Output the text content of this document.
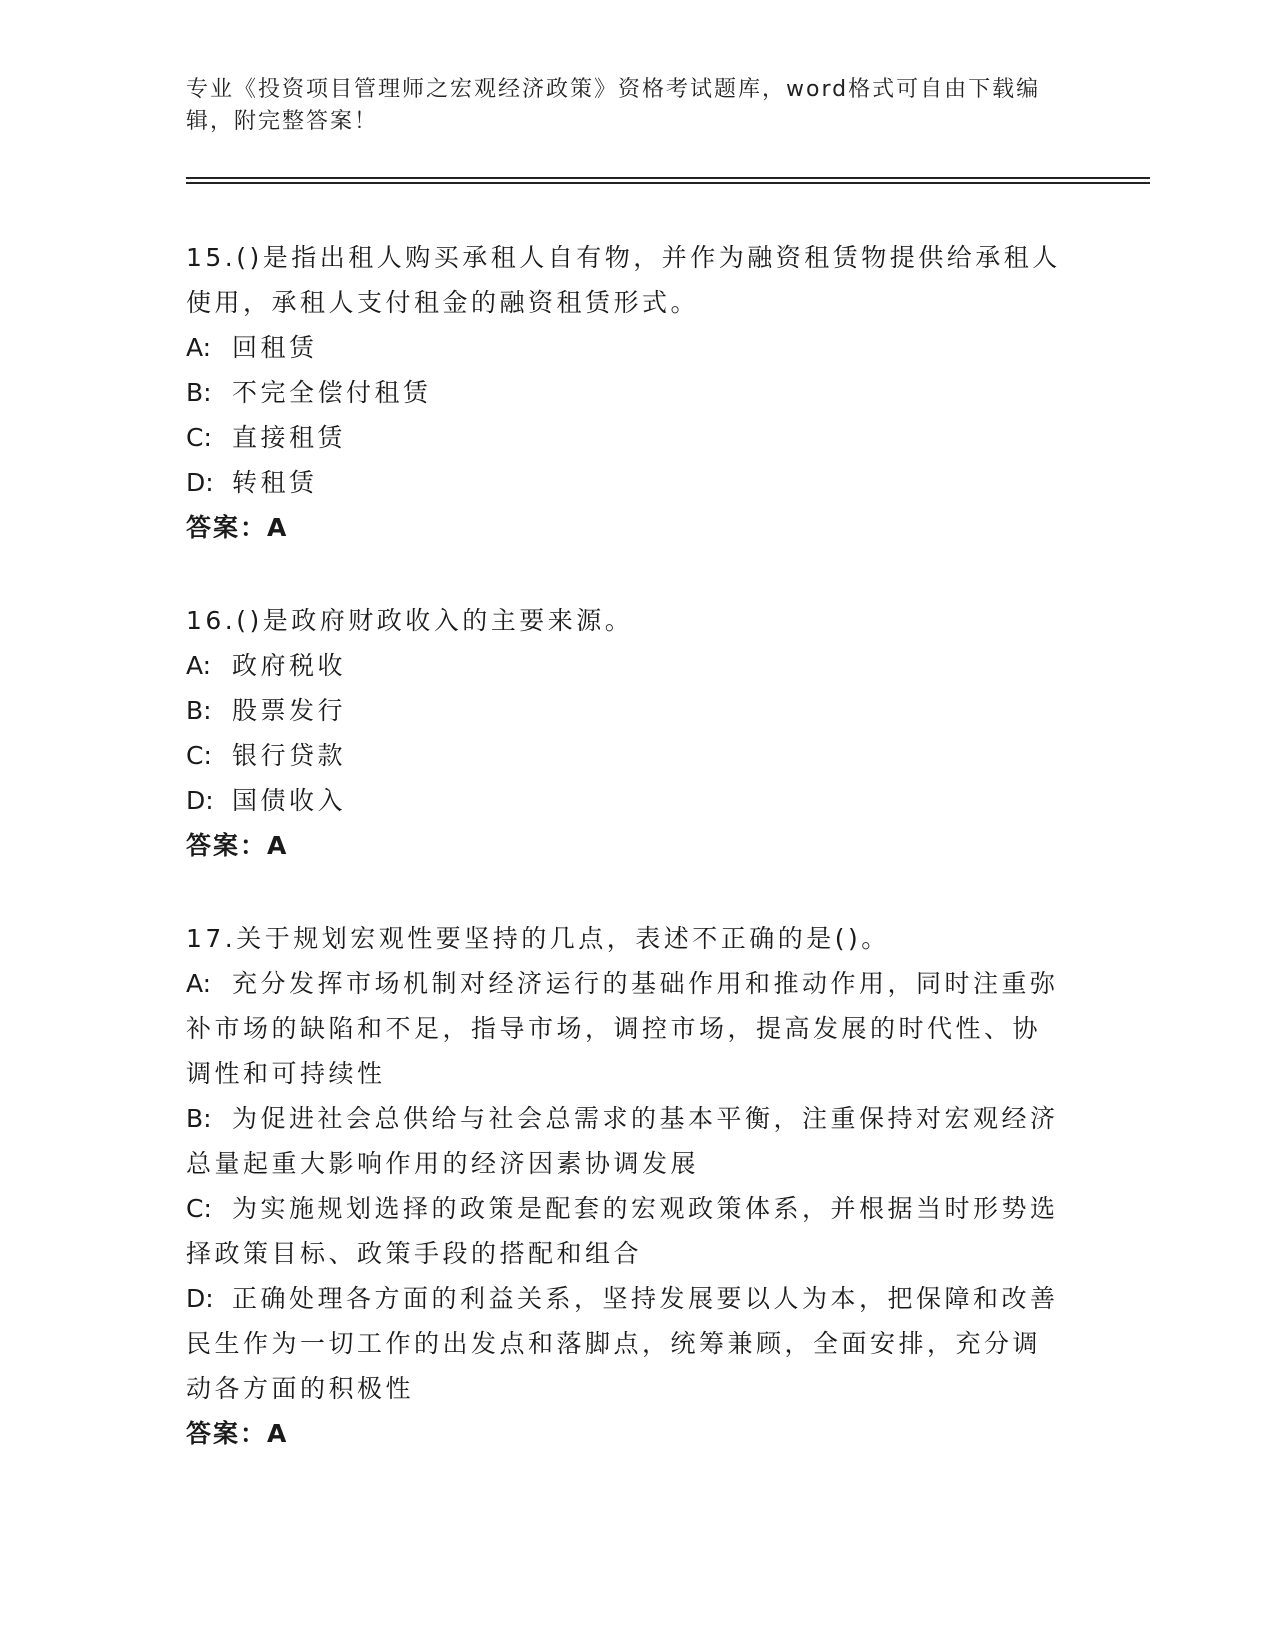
专业《投资项目管理师之宏观经济政策》资格考试题库，word格式可自由下载编辑，附完整答案！
15.()是指出租人购买承租人自有物，并作为融资租赁物提供给承租人使用，承租人支付租金的融资租赁形式。
A: 回租赁
B: 不完全偿付租赁
C: 直接租赁
D: 转租赁
答案：A
16.()是政府财政收入的主要来源。
A: 政府税收
B: 股票发行
C: 银行贷款
D: 国债收入
答案：A
17.关于规划宏观性要坚持的几点，表述不正确的是()。
A: 充分发挥市场机制对经济运行的基础作用和推动作用，同时注重弥补市场的缺陷和不足，指导市场，调控市场，提高发展的时代性、协调性和可持续性
B: 为促进社会总供给与社会总需求的基本平衡，注重保持对宏观经济总量起重大影响作用的经济因素协调发展
C: 为实施规划选择的政策是配套的宏观政策体系，并根据当时形势选择政策目标、政策手段的搭配和组合
D: 正确处理各方面的利益关系，坚持发展要以人为本，把保障和改善民生作为一切工作的出发点和落脚点，统筹兼顾，全面安排，充分调动各方面的积极性
答案：A
